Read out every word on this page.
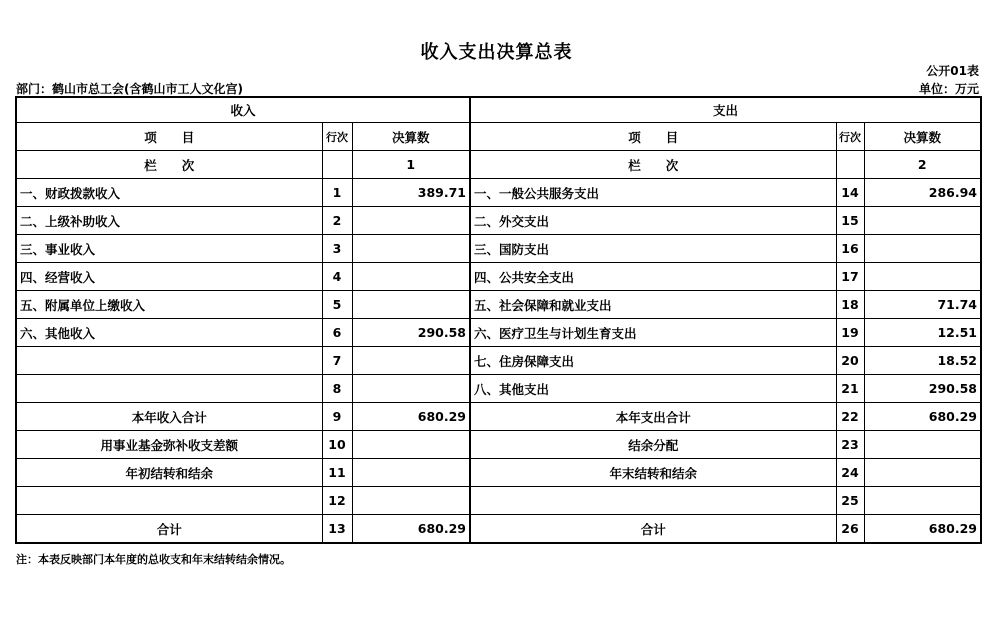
收入支出决算总表
公开01表
部门：鹤山市总工会(含鹤山市工人文化宫)	单位：万元
收入			支出		
项　　目	行次	决算数	项　　目	行次	决算数
栏　　次		1	栏　　次		2
一、财政拨款收入	1	389.71	一、一般公共服务支出	14	286.94
二、上级补助收入	2		二、外交支出	15	
三、事业收入	3		三、国防支出	16	
四、经营收入	4		四、公共安全支出	17	
五、附属单位上缴收入	5		五、社会保障和就业支出	18	71.74
六、其他收入	6	290.58	六、医疗卫生与计划生育支出	19	12.51
	7		七、住房保障支出	20	18.52
	8		八、其他支出	21	290.58
本年收入合计	9	680.29	本年支出合计	22	680.29
用事业基金弥补收支差额	10		结余分配	23	
年初结转和结余	11		年末结转和结余	24	
	12			25	
合计	13	680.29	合计	26	680.29
注：本表反映部门本年度的总收支和年末结转结余情况。
